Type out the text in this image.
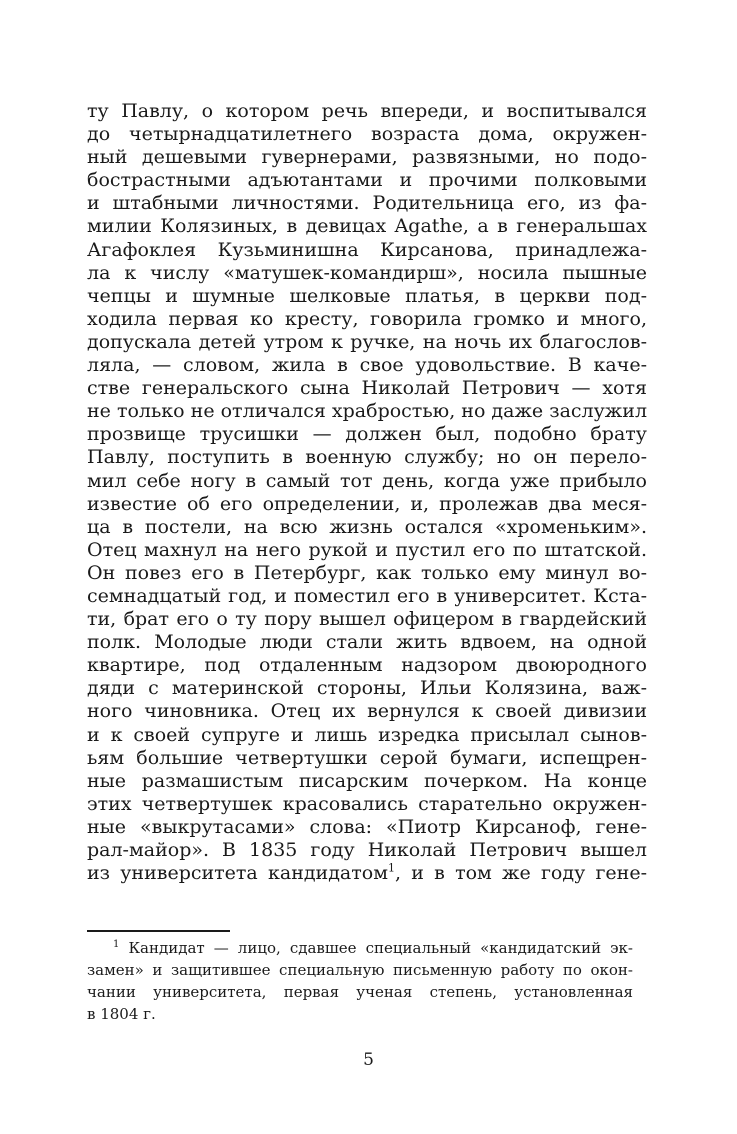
ту Павлу, о котором речь впереди, и воспитывался
до четырнадцатилетнего возраста дома, окружен-
ный дешевыми гувернерами, развязными, но подо-
бострастными адъютантами и прочими полковыми
и штабными личностями. Родительница его, из фа-
милии Колязиных, в девицах Agathe, а в генеральшах
Агафоклея Кузьминишна Кирсанова, принадлежа-
ла к числу «матушек-командирш», носила пышные
чепцы и шумные шелковые платья, в церкви под-
ходила первая ко кресту, говорила громко и много,
допускала детей утром к ручке, на ночь их благослов-
ляла, — словом, жила в свое удовольствие. В каче-
стве генеральского сына Николай Петрович — хотя
не только не отличался храбростью, но даже заслужил
прозвище трусишки — должен был, подобно брату
Павлу, поступить в военную службу; но он перело-
мил себе ногу в самый тот день, когда уже прибыло
известие об его определении, и, пролежав два меся-
ца в постели, на всю жизнь остался «хроменьким».
Отец махнул на него рукой и пустил его по штатской.
Он повез его в Петербург, как только ему минул во-
семнадцатый год, и поместил его в университет. Кста-
ти, брат его о ту пору вышел офицером в гвардейский
полк. Молодые люди стали жить вдвоем, на одной
квартире, под отдаленным надзором двоюродного
дяди с материнской стороны, Ильи Колязина, важ-
ного чиновника. Отец их вернулся к своей дивизии
и к своей супруге и лишь изредка присылал сынов-
ьям большие четвертушки серой бумаги, испещрен-
ные размашистым писарским почерком. На конце
этих четвертушек красовались старательно окружен-
ные «выкрутасами» слова: «Пиотр Кирсаноф, гене-
рал-майор». В 1835 году Николай Петрович вышел
из университета кандидатом$^1$, и в том же году гене-
$^1$ Кандидат — лицо, сдавшее специальный «кандидатский эк-
замен» и защитившее специальную письменную работу по окон-
чании университета, первая ученая степень, установленная
в 1804 г.
5
